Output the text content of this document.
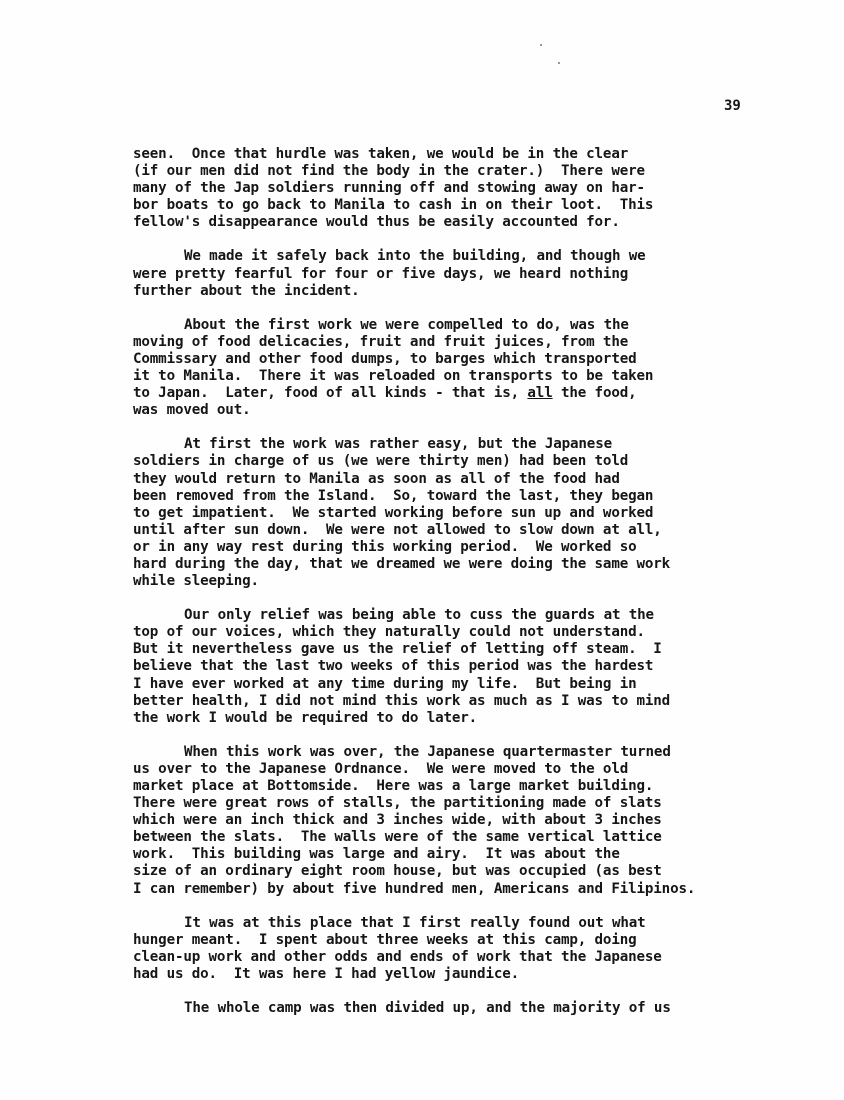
39

seen.  Once that hurdle was taken, we would be in the clear
(if our men did not find the body in the crater.)  There were
many of the Jap soldiers running off and stowing away on har-
bor boats to go back to Manila to cash in on their loot.  This
fellow's disappearance would thus be easily accounted for.

We made it safely back into the building, and though we
were pretty fearful for four or five days, we heard nothing
further about the incident.

About the first work we were compelled to do, was the
moving of food delicacies, fruit and fruit juices, from the
Commissary and other food dumps, to barges which transported
it to Manila.  There it was reloaded on transports to be taken
to Japan.  Later, food of all kinds - that is, all the food,
was moved out.

At first the work was rather easy, but the Japanese
soldiers in charge of us (we were thirty men) had been told
they would return to Manila as soon as all of the food had
been removed from the Island.  So, toward the last, they began
to get impatient.  We started working before sun up and worked
until after sun down.  We were not allowed to slow down at all,
or in any way rest during this working period.  We worked so
hard during the day, that we dreamed we were doing the same work
while sleeping.

Our only relief was being able to cuss the guards at the
top of our voices, which they naturally could not understand.
But it nevertheless gave us the relief of letting off steam.  I
believe that the last two weeks of this period was the hardest
I have ever worked at any time during my life.  But being in
better health, I did not mind this work as much as I was to mind
the work I would be required to do later.

When this work was over, the Japanese quartermaster turned
us over to the Japanese Ordnance.  We were moved to the old
market place at Bottomside.  Here was a large market building.
There were great rows of stalls, the partitioning made of slats
which were an inch thick and 3 inches wide, with about 3 inches
between the slats.  The walls were of the same vertical lattice
work.  This building was large and airy.  It was about the
size of an ordinary eight room house, but was occupied (as best
I can remember) by about five hundred men, Americans and Filipinos.

It was at this place that I first really found out what
hunger meant.  I spent about three weeks at this camp, doing
clean-up work and other odds and ends of work that the Japanese
had us do.  It was here I had yellow jaundice.

The whole camp was then divided up, and the majority of us
